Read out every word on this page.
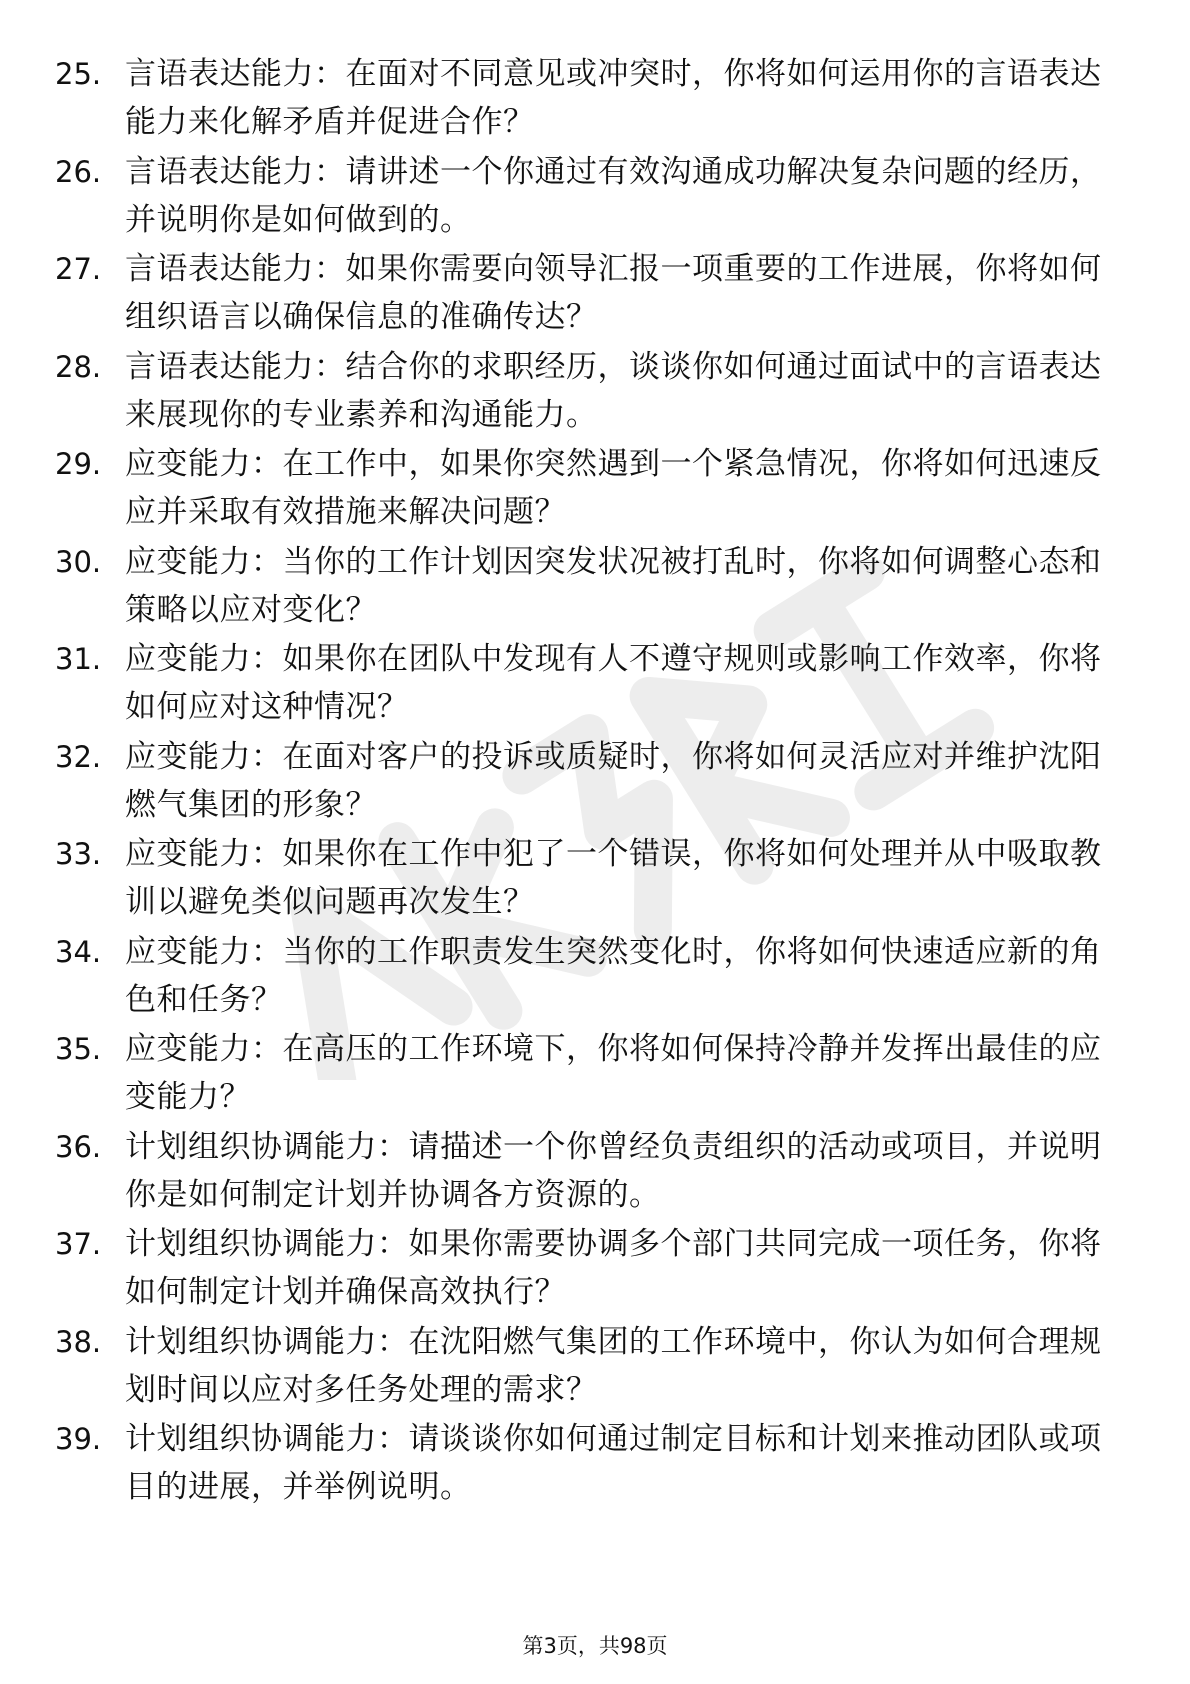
25. 言语表达能力：在面对不同意见或冲突时，你将如何运用你的言语表达能力来化解矛盾并促进合作？
26. 言语表达能力：请讲述一个你通过有效沟通成功解决复杂问题的经历，并说明你是如何做到的。
27. 言语表达能力：如果你需要向领导汇报一项重要的工作进展，你将如何组织语言以确保信息的准确传达？
28. 言语表达能力：结合你的求职经历，谈谈你如何通过面试中的言语表达来展现你的专业素养和沟通能力。
29. 应变能力：在工作中，如果你突然遇到一个紧急情况，你将如何迅速反应并采取有效措施来解决问题？
30. 应变能力：当你的工作计划因突发状况被打乱时，你将如何调整心态和策略以应对变化？
31. 应变能力：如果你在团队中发现有人不遵守规则或影响工作效率，你将如何应对这种情况？
32. 应变能力：在面对客户的投诉或质疑时，你将如何灵活应对并维护沈阳燃气集团的形象？
33. 应变能力：如果你在工作中犯了一个错误，你将如何处理并从中吸取教训以避免类似问题再次发生？
34. 应变能力：当你的工作职责发生突然变化时，你将如何快速适应新的角色和任务？
35. 应变能力：在高压的工作环境下，你将如何保持冷静并发挥出最佳的应变能力？
36. 计划组织协调能力：请描述一个你曾经负责组织的活动或项目，并说明你是如何制定计划并协调各方资源的。
37. 计划组织协调能力：如果你需要协调多个部门共同完成一项任务，你将如何制定计划并确保高效执行？
38. 计划组织协调能力：在沈阳燃气集团的工作环境中，你认为如何合理规划时间以应对多任务处理的需求？
39. 计划组织协调能力：请谈谈你如何通过制定目标和计划来推动团队或项目的进展，并举例说明。
第3页，共98页
